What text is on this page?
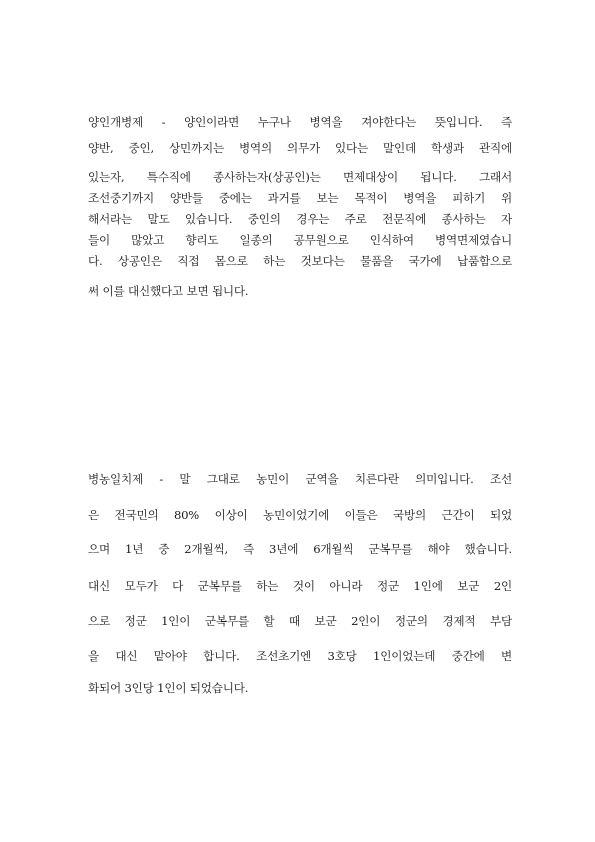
양인개병제 - 양인이라면 누구나 병역을 져야한다는 뜻입니다. 즉
양반, 중인, 상민까지는 병역의 의무가 있다는 말인데 학생과 관직에
있는자, 특수직에 종사하는자(상공인)는 면제대상이 됩니다. 그래서
조선중기까지 양반들 중에는 과거를 보는 목적이 병역을 피하기 위
해서라는 말도 있습니다. 중인의 경우는 주로 전문직에 종사하는 자
들이 많았고 향리도 일종의 공무원으로 인식하여 병역면제였습니
다. 상공인은 직접 몸으로 하는 것보다는 물품을 국가에 납품함으로
써 이를 대신했다고 보면 됩니다.
병농일치제 - 말 그대로 농민이 군역을 치른다란 의미입니다. 조선
은 전국민의 80% 이상이 농민이었기에 이들은 국방의 근간이 되었
으며 1년 중 2개월씩, 즉 3년에 6개월씩 군복무를 해야 했습니다.
대신 모두가 다 군복무를 하는 것이 아니라 정군 1인에 보군 2인
으로 정군 1인이 군복무를 할 때 보군 2인이 정군의 경제적 부담
을 대신 맡아야 합니다. 조선초기엔 3호당 1인이었는데 중간에 변
화되어 3인당 1인이 되었습니다.
